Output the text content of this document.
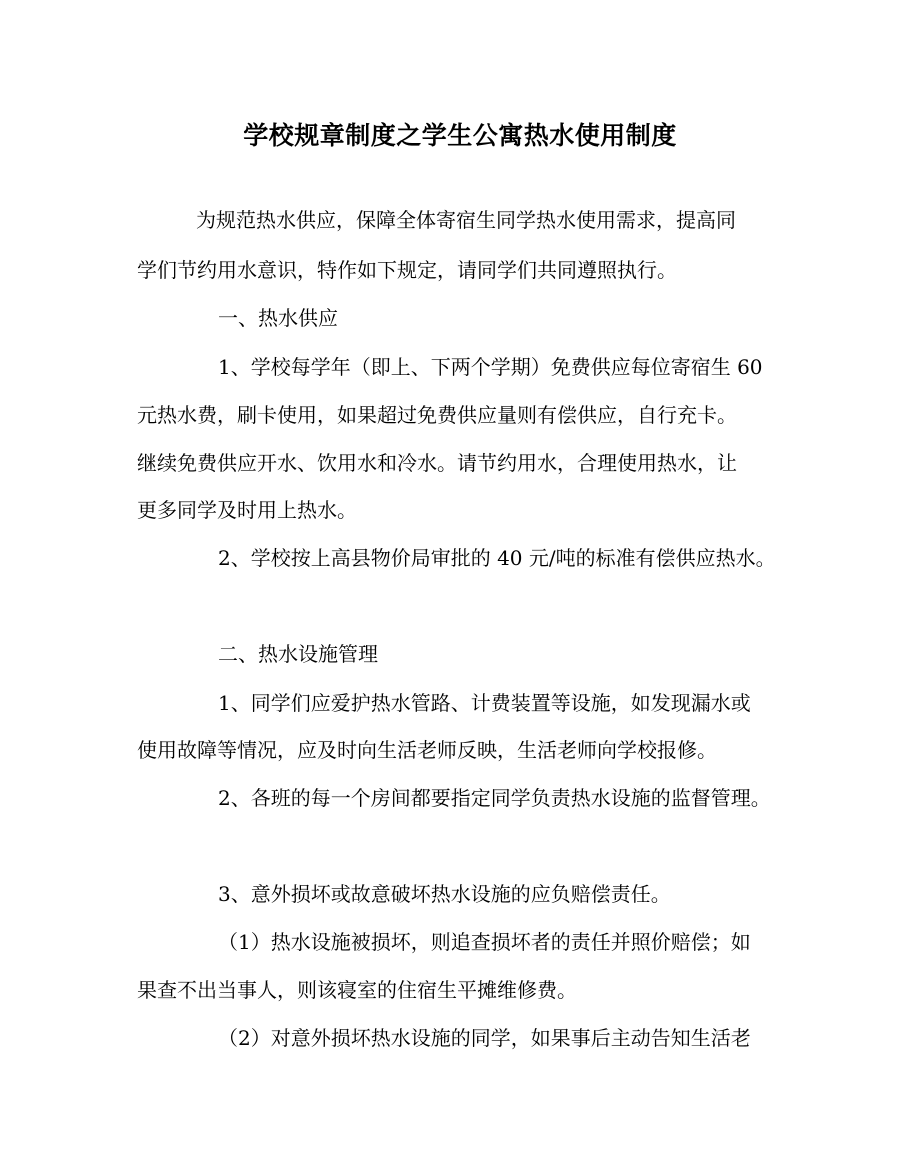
学校规章制度之学生公寓热水使用制度

为规范热水供应，保障全体寄宿生同学热水使用需求，提高同

学们节约用水意识，特作如下规定，请同学们共同遵照执行。

一、热水供应

1、学校每学年（即上、下两个学期）免费供应每位寄宿生 60

元热水费，刷卡使用，如果超过免费供应量则有偿供应，自行充卡。

继续免费供应开水、饮用水和冷水。请节约用水，合理使用热水，让

更多同学及时用上热水。

2、学校按上高县物价局审批的 40 元/吨的标准有偿供应热水。

二、热水设施管理

1、同学们应爱护热水管路、计费装置等设施，如发现漏水或

使用故障等情况，应及时向生活老师反映，生活老师向学校报修。

2、各班的每一个房间都要指定同学负责热水设施的监督管理。

3、意外损坏或故意破坏热水设施的应负赔偿责任。

（1）热水设施被损坏，则追查损坏者的责任并照价赔偿；如

果查不出当事人，则该寝室的住宿生平摊维修费。

（2）对意外损坏热水设施的同学，如果事后主动告知生活老
